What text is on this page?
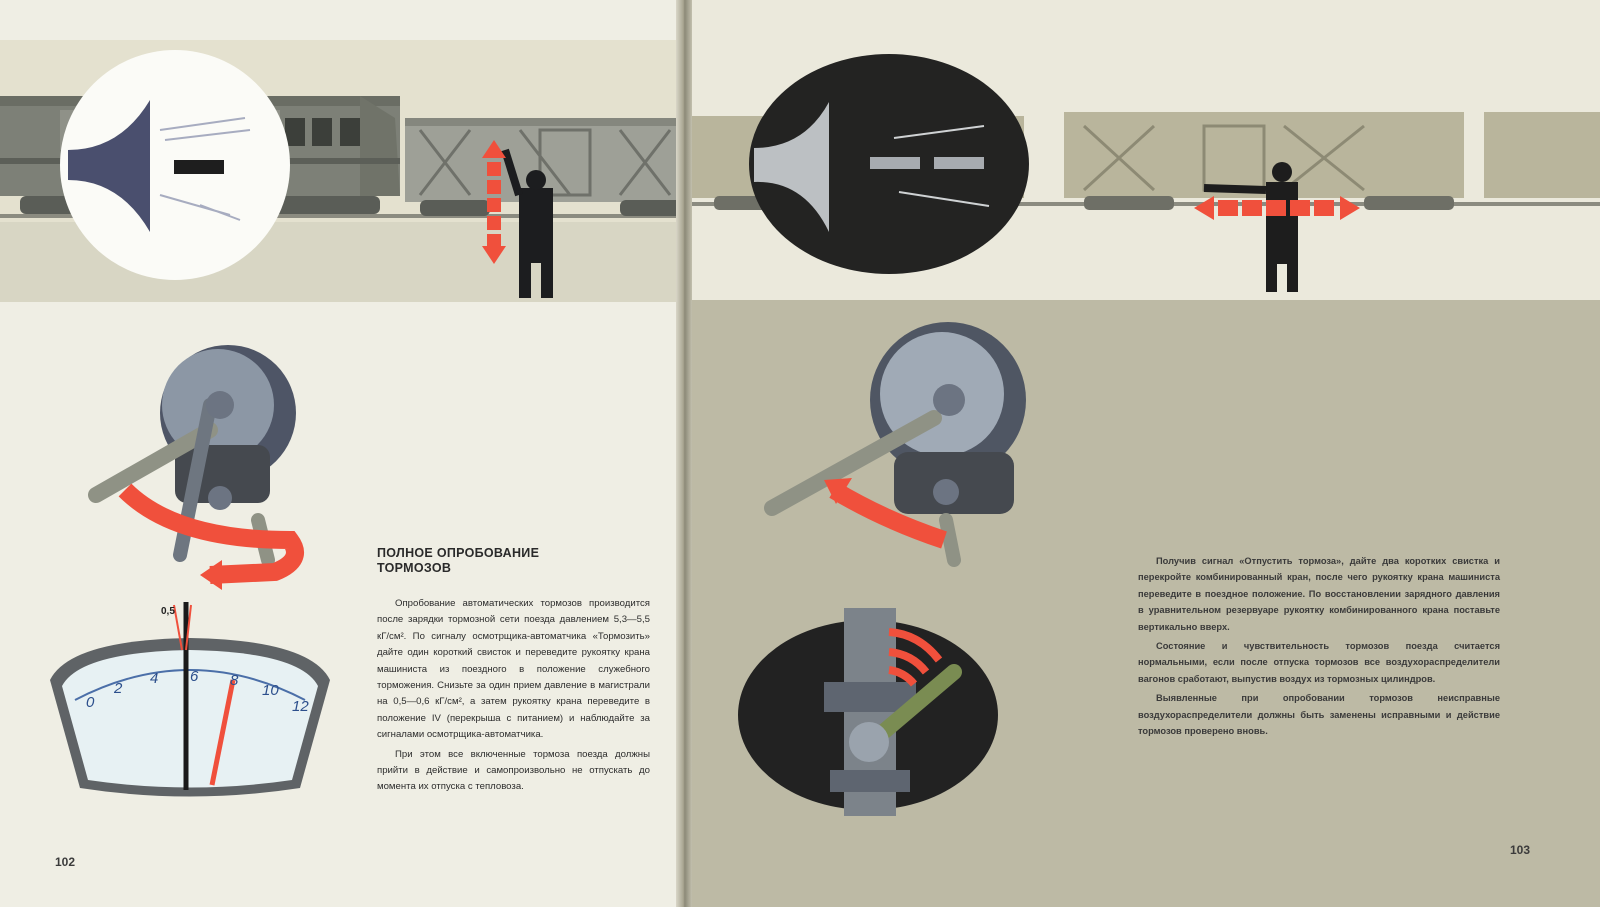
0
2
4 6 8
10
12
0,5
ПОЛНОЕ ОПРОБОВАНИЕ
ТОРМОЗОВ

Опробование автоматических тормозов производится после зарядки тормозной сети поезда давлением 5,3—5,5 кГ/см². По сигналу осмотрщика-автоматчика «Тормозить» дайте один короткий свисток и переведите рукоятку крана машиниста из поездного в положение служебного торможения. Снизьте за один прием давление в магистрали на 0,5—0,6 кГ/см², а затем рукоятку крана переведите в положение IV (перекрыша с питанием) и наблюдайте за сигналами осмотрщика-автоматчика.

При этом все включенные тормоза поезда должны прийти в действие и самопроизвольно не отпускать до момента их отпуска с тепловоза.

102

Получив сигнал «Отпустить тормоза», дайте два коротких свистка и перекройте комбинированный кран, после чего рукоятку крана машиниста переведите в поездное положение. По восстановлении зарядного давления в уравнительном резервуаре рукоятку комбинированного крана поставьте вертикально вверх.

Состояние и чувствительность тормозов поезда считается нормальными, если после отпуска тормозов все воздухораспределители вагонов сработают, выпустив воздух из тормозных цилиндров.

Выявленные при опробовании тормозов неисправные воздухораспределители должны быть заменены исправными и действие тормозов проверено вновь.

103
